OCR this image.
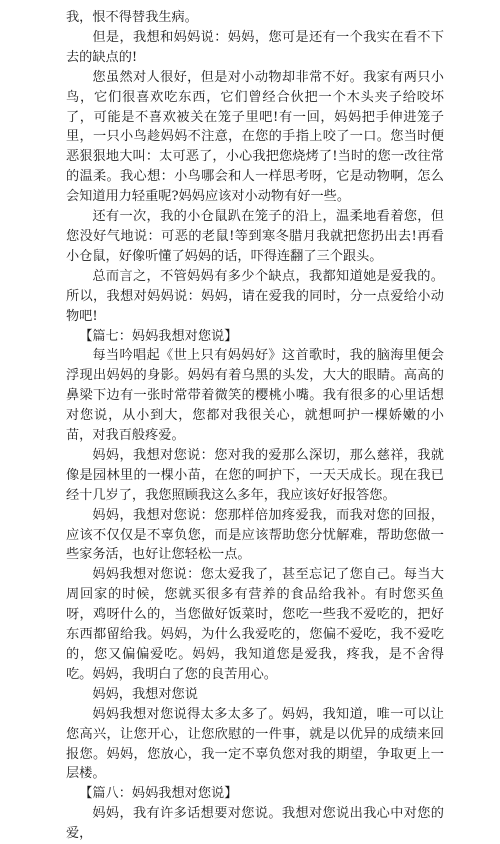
我，恨不得替我生病。

但是，我想和妈妈说：妈妈，您可是还有一个我实在看不下去的缺点的!

您虽然对人很好，但是对小动物却非常不好。我家有两只小鸟，它们很喜欢吃东西，它们曾经合伙把一个木头夹子给咬坏了，可能是不喜欢被关在笼子里吧!有一回，妈妈把手伸进笼子里，一只小鸟趁妈妈不注意，在您的手指上咬了一口。您当时便恶狠狠地大叫：太可恶了，小心我把您烧烤了!当时的您一改往常的温柔。我心想：小鸟哪会和人一样思考呀，它是动物啊，怎么会知道用力轻重呢?妈妈应该对小动物有好一些。

还有一次，我的小仓鼠趴在笼子的沿上，温柔地看着您，但您没好气地说：可恶的老鼠!等到寒冬腊月我就把您扔出去!再看小仓鼠，好像听懂了妈妈的话，吓得连翻了三个跟头。

总而言之，不管妈妈有多少个缺点，我都知道她是爱我的。所以，我想对妈妈说：妈妈，请在爱我的同时，分一点爱给小动物吧!

【篇七：妈妈我想对您说】

每当吟唱起《世上只有妈妈好》这首歌时，我的脑海里便会浮现出妈妈的身影。妈妈有着乌黑的头发，大大的眼睛。高高的鼻梁下边有一张时常带着微笑的樱桃小嘴。我有很多的心里话想对您说，从小到大，您都对我很关心，就想呵护一棵娇嫩的小苗，对我百般疼爱。

妈妈，我想对您说：您对我的爱那么深切，那么慈祥，我就像是园林里的一棵小苗，在您的呵护下，一天天成长。现在我已经十几岁了，我您照顾我这么多年，我应该好好报答您。

妈妈，我想对您说：您那样倍加疼爱我，而我对您的回报，应该不仅仅是不辜负您，而是应该帮助您分忧解难，帮助您做一些家务活，也好让您轻松一点。

妈妈我想对您说：您太爱我了，甚至忘记了您自己。每当大周回家的时候，您就买很多有营养的食品给我补。有时您买鱼呀，鸡呀什么的，当您做好饭菜时，您吃一些我不爱吃的，把好东西都留给我。妈妈，为什么我爱吃的，您偏不爱吃，我不爱吃的，您又偏偏爱吃。妈妈，我知道您是爱我，疼我，是不舍得吃。妈妈，我明白了您的良苦用心。

妈妈，我想对您说

妈妈我想对您说得太多太多了。妈妈，我知道，唯一可以让您高兴，让您开心，让您欣慰的一件事，就是以优异的成绩来回报您。妈妈，您放心，我一定不辜负您对我的期望，争取更上一层楼。

【篇八：妈妈我想对您说】

妈妈，我有许多话想要对您说。我想对您说出我心中对您的爱，
